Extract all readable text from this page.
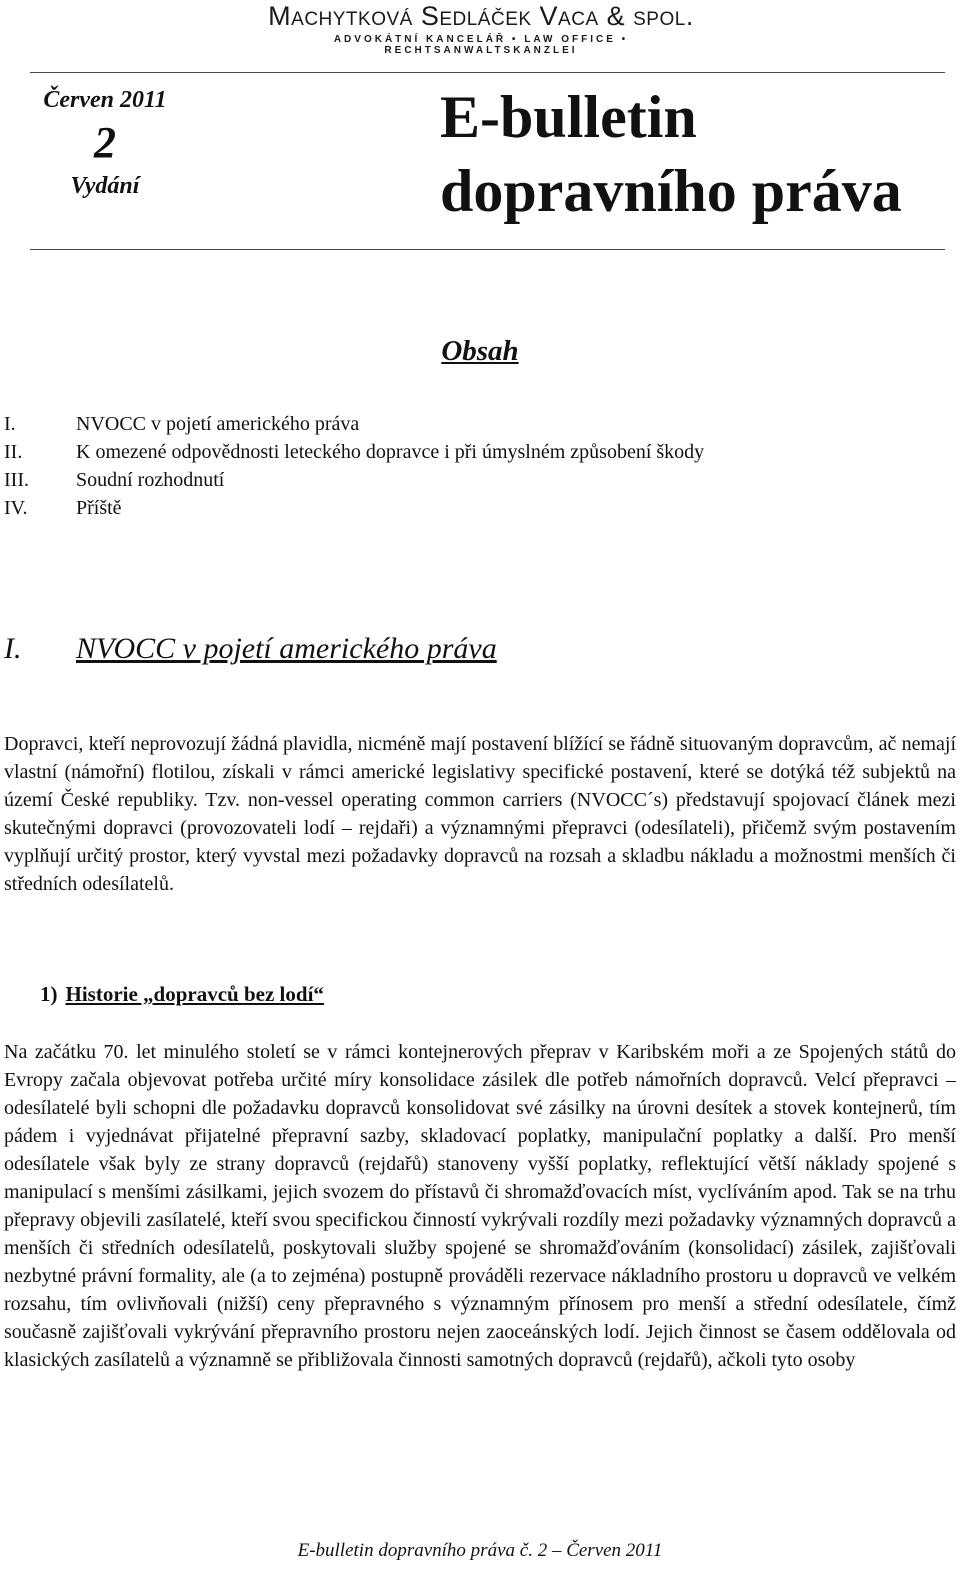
Machytková Sedláček Vaca & spol.
ADVOKÁTNÍ KANCELÁŘ • LAW OFFICE • RECHTSANWALTSKANZLEI
Červen 2011
2
Vydání
E-bulletin
dopravního práva
Obsah
I.	NVOCC v pojetí amerického práva
II.	K omezené odpovědnosti leteckého dopravce i při úmyslném způsobení škody
III.	Soudní rozhodnutí
IV.	Příště
I. NVOCC v pojetí amerického práva

Dopravci, kteří neprovozují žádná plavidla, nicméně mají postavení blížící se řádně situovaným dopravcům, ač nemají vlastní (námořní) flotilou, získali v rámci americké legislativy specifické postavení, které se dotýká též subjektů na území České republiky. Tzv. non-vessel operating common carriers (NVOCC´s) představují spojovací článek mezi skutečnými dopravci (provozovateli lodí – rejdaři) a významnými přepravci (odesílateli), přičemž svým postavením vyplňují určitý prostor, který vyvstal mezi požadavky dopravců na rozsah a skladbu nákladu a možnostmi menších či středních odesílatelů.

1) Historie „dopravců bez lodí“

Na začátku 70. let minulého století se v rámci kontejnerových přeprav v Karibském moři a ze Spojených států do Evropy začala objevovat potřeba určité míry konsolidace zásilek dle potřeb námořních dopravců. Velcí přepravci – odesílatelé byli schopni dle požadavku dopravců konsolidovat své zásilky na úrovni desítek a stovek kontejnerů, tím pádem i vyjednávat přijatelné přepravní sazby, skladovací poplatky, manipulační poplatky a další. Pro menší odesílatele však byly ze strany dopravců (rejdařů) stanoveny vyšší poplatky, reflektující větší náklady spojené s manipulací s menšími zásilkami, jejich svozem do přístavů či shromažďovacích míst, vyclíváním apod. Tak se na trhu přepravy objevili zasílatelé, kteří svou specifickou činností vykrývali rozdíly mezi požadavky významných dopravců a menších či středních odesílatelů, poskytovali služby spojené se shromažďováním (konsolidací) zásilek, zajišťovali nezbytné právní formality, ale (a to zejména) postupně prováděli rezervace nákladního prostoru u dopravců ve velkém rozsahu, tím ovlivňovali (nižší) ceny přepravného s významným přínosem pro menší a střední odesílatele, čímž současně zajišťovali vykrývání přepravního prostoru nejen zaoceánských lodí. Jejich činnost se časem oddělovala od klasických zasílatelů a významně se přibližovala činnosti samotných dopravců (rejdařů), ačkoli tyto osoby

E-bulletin dopravního práva č. 2 – Červen 2011
